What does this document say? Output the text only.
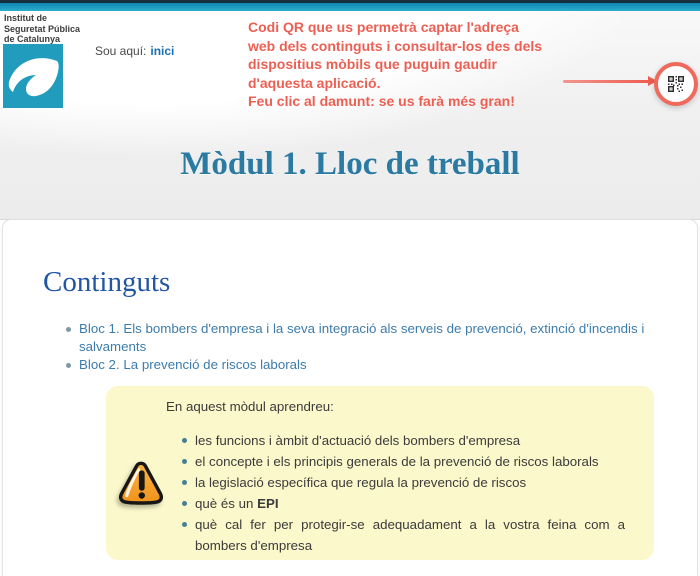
Institut de
Seguretat Pública
de Catalunya
Sou aquí: inici

Codi QR que us permetrà captar l'adreça web dels continguts i consultar-los des dels dispositius mòbils que puguin gaudir d'aquesta aplicació.

Feu clic al damunt: se us farà més gran!

Mòdul 1. Lloc de treball
Continguts
Bloc 1. Els bombers d'empresa i la seva integració als serveis de prevenció, extinció d'incendis i salvaments
Bloc 2. La prevenció de riscos laborals

En aquest mòdul aprendreu:

les funcions i àmbit d'actuació dels bombers d'empresa
el concepte i els principis generals de la prevenció de riscos laborals
la legislació específica que regula la prevenció de riscos
què és un EPI
què cal fer per protegir-se adequadament a la vostra feina com a bombers d'empresa
